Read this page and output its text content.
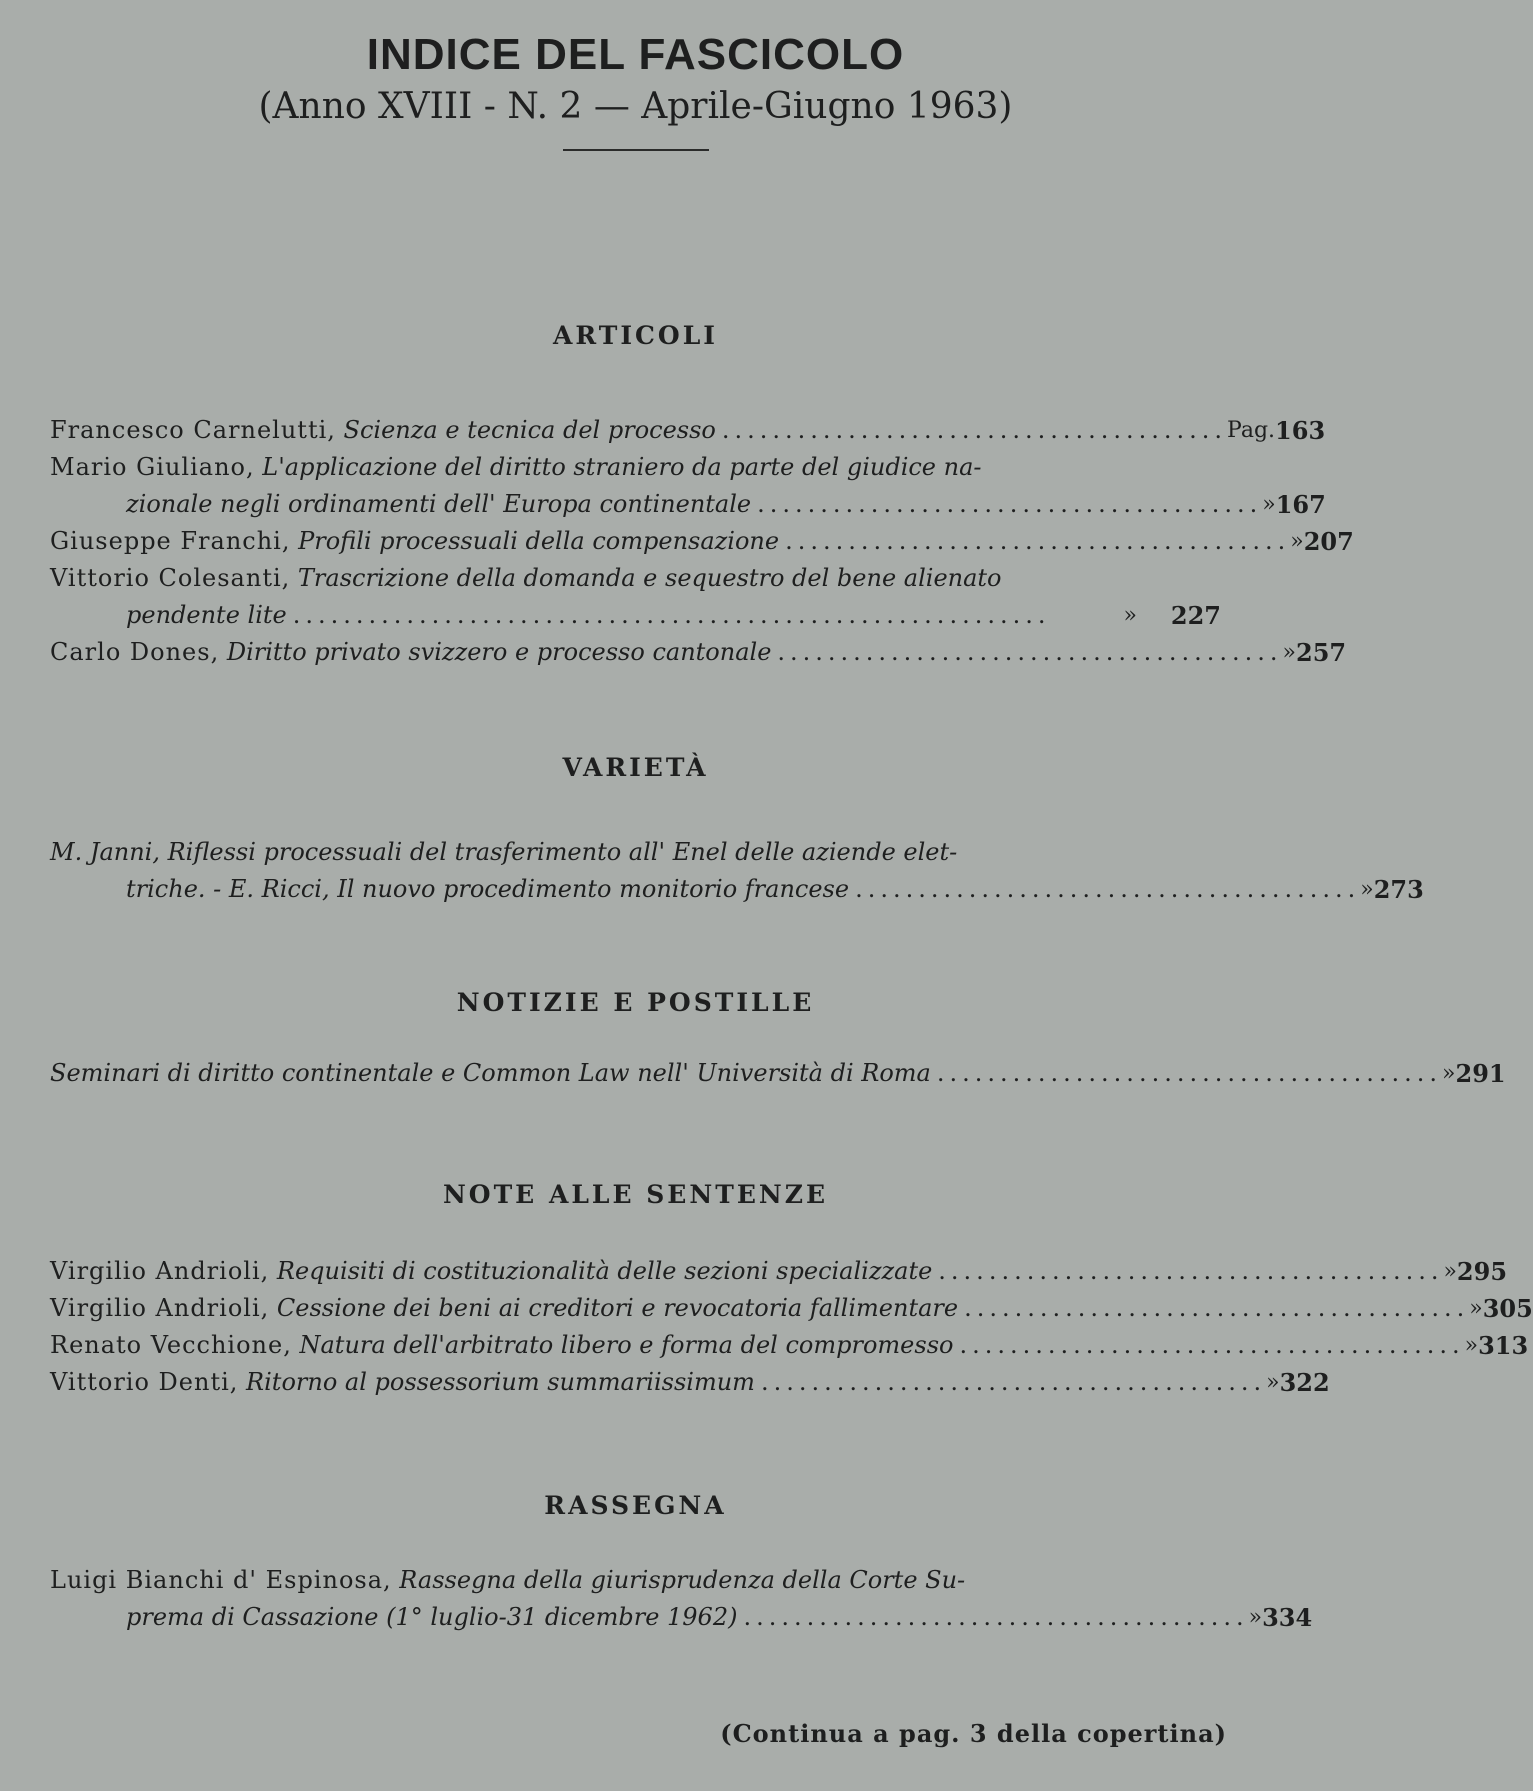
INDICE DEL FASCICOLO

(Anno XVIII - N. 2 — Aprile-Giugno 1963)

ARTICOLI
Francesco Carnelutti,
Scienza e tecnica del processo ........................................ Pag. 163
Mario Giuliano, L'applicazione del diritto straniero da parte del giudice na-
zionale negli ordinamenti dell' Europa continentale ........................................ » 167
Giuseppe Franchi,
Profili processuali della compensazione ........................................ » 207
Vittorio Colesanti, Trascrizione della domanda e sequestro del bene alienato
pendente lite ............................................................	»	227
Carlo Dones,
Diritto privato svizzero e processo cantonale ........................................ » 257
VARIETÀ
M. Janni, Riflessi processuali del trasferimento all' Enel delle aziende elet-
triche. - E. Ricci, Il nuovo procedimento monitorio francese ........................................ » 273
NOTIZIE E POSTILLE
Seminari di diritto continentale e Common Law nell' Università di Roma ........................................ » 291
NOTE ALLE SENTENZE
Virgilio Andrioli,
Requisiti di costituzionalità delle sezioni specializzate ........................................ » 295
Virgilio Andrioli,
Cessione dei beni ai creditori e revocatoria fallimentare ........................................ » 305
Renato Vecchione,
Natura dell'arbitrato libero e forma del compromesso ........................................ » 313
Vittorio Denti,
Ritorno al possessorium summariissimum ........................................ » 322
RASSEGNA
Luigi Bianchi d' Espinosa, Rassegna della giurisprudenza della Corte Su-
prema di Cassazione (1° luglio-31 dicembre 1962) ........................................ » 334
(Continua a pag. 3 della copertina)
